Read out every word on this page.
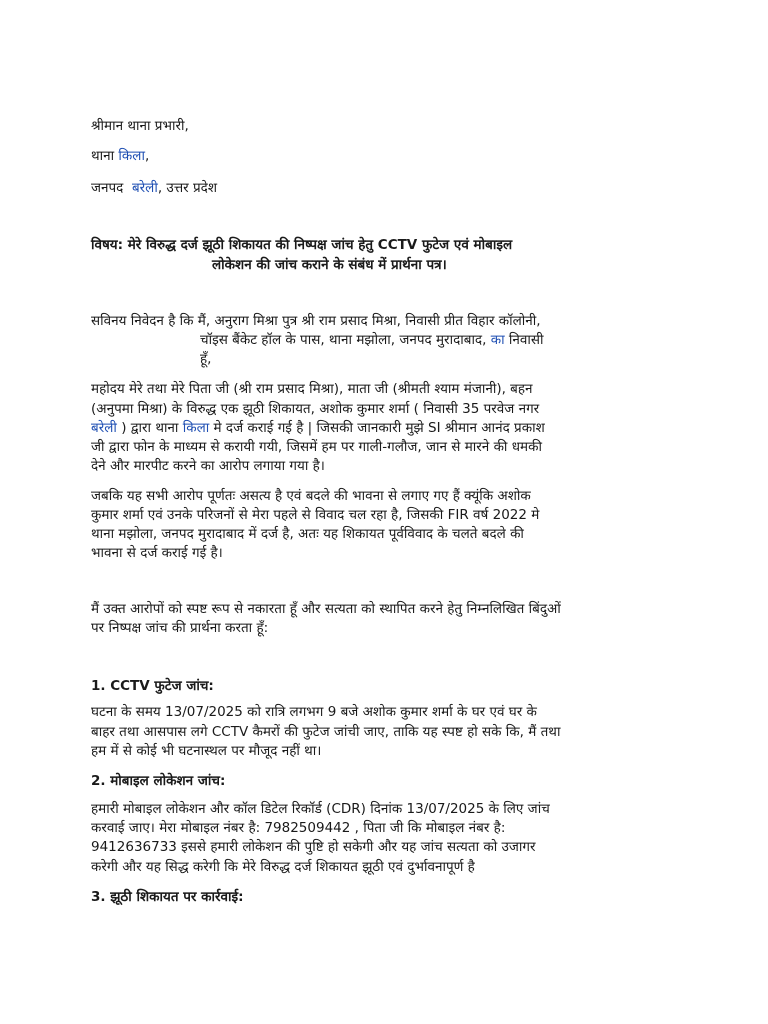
श्रीमान थाना प्रभारी,
थाना किला,
जनपद बरेली, उत्तर प्रदेश
विषय: मेरे विरुद्ध दर्ज झूठी शिकायत की निष्पक्ष जांच हेतु CCTV फुटेज एवं मोबाइल
लोकेशन की जांच कराने के संबंध में प्रार्थना पत्र।
सविनय निवेदन है कि मैं, अनुराग मिश्रा पुत्र श्री राम प्रसाद मिश्रा, निवासी प्रीत विहार कॉलोनी,
चॉइस बैंकेट हॉल के पास, थाना मझोला, जनपद मुरादाबाद, का निवासी
हूँ,
महोदय मेरे तथा मेरे पिता जी (श्री राम प्रसाद मिश्रा), माता जी (श्रीमती श्याम मंजानी), बहन
(अनुपमा मिश्रा) के विरुद्ध एक झूठी शिकायत, अशोक कुमार शर्मा ( निवासी 35 परवेज नगर
बरेली ) द्वारा थाना किला मे दर्ज कराई गई है | जिसकी जानकारी मुझे SI श्रीमान आनंद प्रकाश
जी द्वारा फोन के माध्यम से करायी गयी, जिसमें हम पर गाली-गलौज, जान से मारने की धमकी
देने और मारपीट करने का आरोप लगाया गया है।
जबकि यह सभी आरोप पूर्णतः असत्य है एवं बदले की भावना से लगाए गए हैं क्यूंकि अशोक
कुमार शर्मा एवं उनके परिजनों से मेरा पहले से विवाद चल रहा है, जिसकी FIR वर्ष 2022 मे
थाना मझोला, जनपद मुरादाबाद में दर्ज है, अतः यह शिकायत पूर्वविवाद के चलते बदले की
भावना से दर्ज कराई गई है।
मैं उक्त आरोपों को स्पष्ट रूप से नकारता हूँ और सत्यता को स्थापित करने हेतु निम्नलिखित बिंदुओं
पर निष्पक्ष जांच की प्रार्थना करता हूँ:
1. CCTV फुटेज जांच:
घटना के समय 13/07/2025 को रात्रि लगभग 9 बजे अशोक कुमार शर्मा के घर एवं घर के
बाहर तथा आसपास लगे CCTV कैमरों की फुटेज जांची जाए, ताकि यह स्पष्ट हो सके कि, मैं तथा
हम में से कोई भी घटनास्थल पर मौजूद नहीं था।
2. मोबाइल लोकेशन जांच:
हमारी मोबाइल लोकेशन और कॉल डिटेल रिकॉर्ड (CDR) दिनांक 13/07/2025 के लिए जांच
करवाई जाए। मेरा मोबाइल नंबर है: 7982509442 , पिता जी कि मोबाइल नंबर है:
9412636733 इससे हमारी लोकेशन की पुष्टि हो सकेगी और यह जांच सत्यता को उजागर
करेगी और यह सिद्ध करेगी कि मेरे विरुद्ध दर्ज शिकायत झूठी एवं दुर्भावनापूर्ण है
3. झूठी शिकायत पर कार्रवाई:
